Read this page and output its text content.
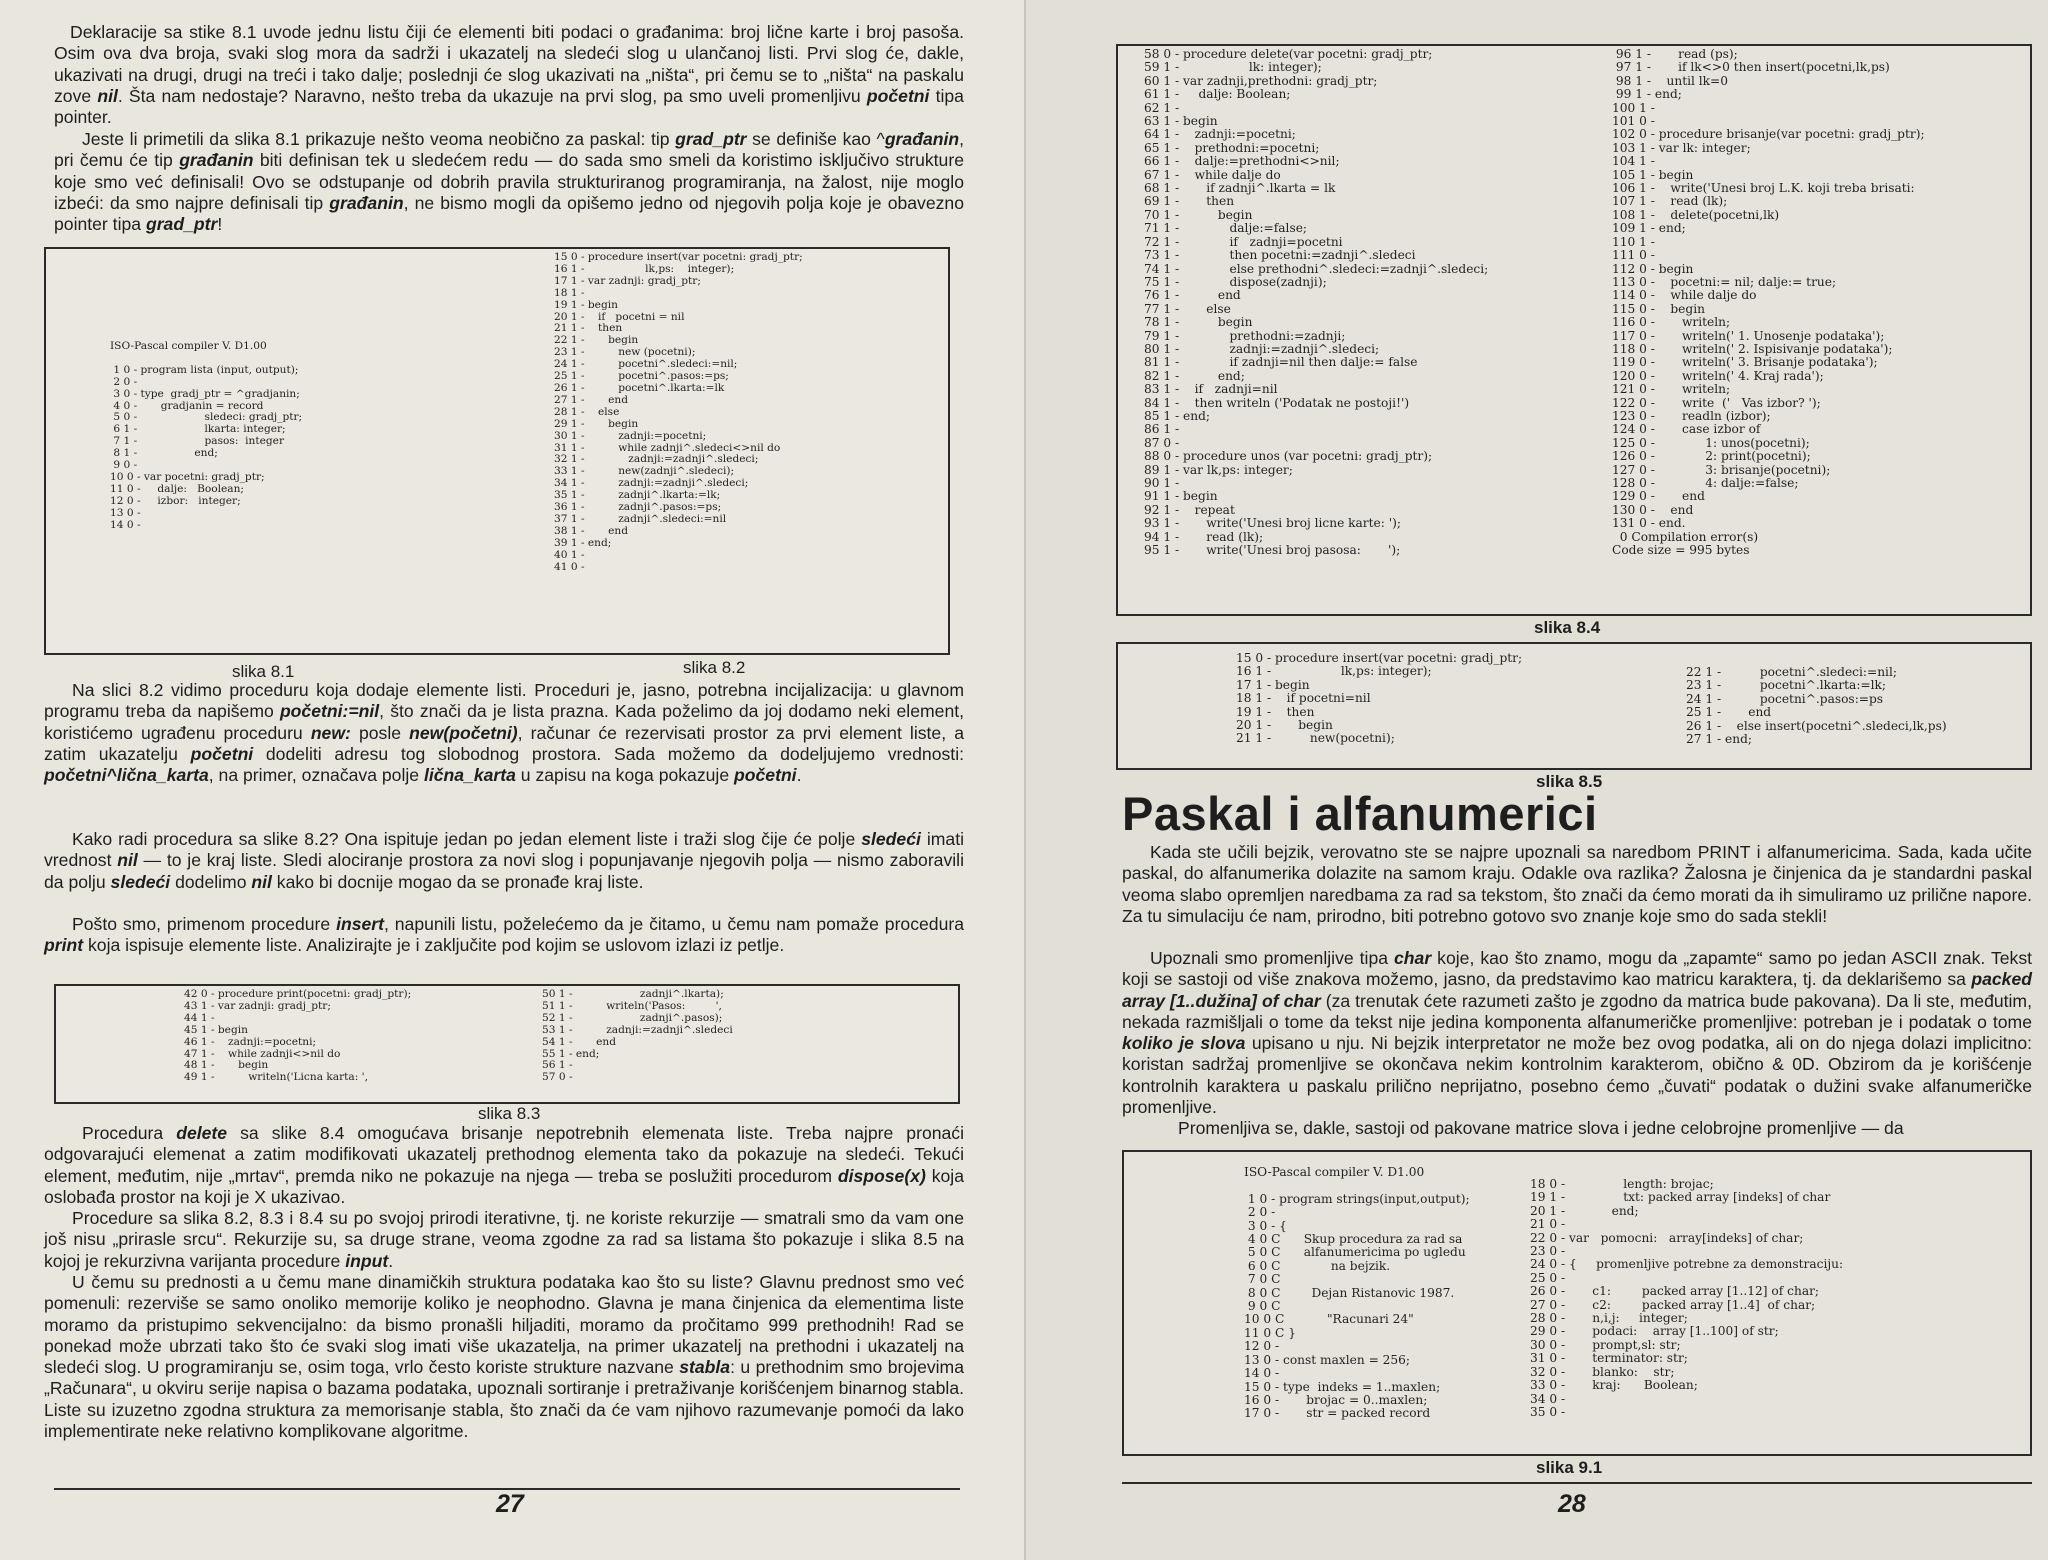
Deklaracije sa stike 8.1 uvode jednu listu čiji će elementi biti podaci o građanima: broj lične karte i broj pasoša. Osim ova dva broja, svaki slog mora da sadrži i ukazatelj na sledeći slog u ulančanoj listi. Prvi slog će, dakle, ukazivati na drugi, drugi na treći i tako dalje; poslednji će slog ukazivati na „ništa“, pri čemu se to „ništa“ na paskalu zove nil. Šta nam nedostaje? Naravno, nešto treba da ukazuje na prvi slog, pa smo uveli promenljivu početni tipa pointer.
Jeste li primetili da slika 8.1 prikazuje nešto veoma neobično za paskal: tip grad_ptr se definiše kao ^građanin, pri čemu će tip građanin biti definisan tek u sledećem redu — do sada smo smeli da koristimo isključivo strukture koje smo već definisali! Ovo se odstupanje od dobrih pravila strukturiranog programiranja, na žalost, nije moglo izbeći: da smo najpre definisali tip građanin, ne bismo mogli da opišemo jedno od njegovih polja koje je obavezno pointer tipa grad_ptr!
ISO-Pascal compiler V. D1.00

1 0 - program lista (input, output);
2 0 -
3 0 - type  gradj_ptr = ^gradjanin;
4 0 -       gradjanin = record
5 0 -                    sledeci: gradj_ptr;
6 1 -                    lkarta: integer;
7 1 -                    pasos:  integer
8 1 -                 end;
9 0 -
10 0 - var pocetni: gradj_ptr;
11 0 -     dalje:   Boolean;
12 0 -     izbor:   integer;
13 0 -
14 0 -
15 0 - procedure insert(var pocetni: gradj_ptr;
16 1 -                  lk,ps:    integer);
17 1 - var zadnji: gradj_ptr;
18 1 -
19 1 - begin
20 1 -    if   pocetni = nil
21 1 -    then
22 1 -       begin
23 1 -          new (pocetni);
24 1 -          pocetni^.sledeci:=nil;
25 1 -          pocetni^.pasos:=ps;
26 1 -          pocetni^.lkarta:=lk
27 1 -       end
28 1 -    else
29 1 -       begin
30 1 -          zadnji:=pocetni;
31 1 -          while zadnji^.sledeci<>nil do
32 1 -             zadnji:=zadnji^.sledeci;
33 1 -          new(zadnji^.sledeci);
34 1 -          zadnji:=zadnji^.sledeci;
35 1 -          zadnji^.lkarta:=lk;
36 1 -          zadnji^.pasos:=ps;
37 1 -          zadnji^.sledeci:=nil
38 1 -       end
39 1 - end;
40 1 -
41 0 -
slika 8.1	slika 8.2
Na slici 8.2 vidimo proceduru koja dodaje elemente listi. Proceduri je, jasno, potrebna incijalizacija: u glavnom programu treba da napišemo početni:=nil, što znači da je lista prazna. Kada poželimo da joj dodamo neki element, koristićemo ugrađenu proceduru new: posle new(početni), računar će rezervisati prostor za prvi element liste, a zatim ukazatelju početni dodeliti adresu tog slobodnog prostora. Sada možemo da dodeljujemo vrednosti: početni^lična_karta, na primer, označava polje lična_karta u zapisu na koga pokazuje početni.
Kako radi procedura sa slike 8.2? Ona ispituje jedan po jedan element liste i traži slog čije će polje sledeći imati vrednost nil — to je kraj liste. Sledi alociranje prostora za novi slog i popunjavanje njegovih polja — nismo zaboravili da polju sledeći dodelimo nil kako bi docnije mogao da se pronađe kraj liste.
Pošto smo, primenom procedure insert, napunili listu, poželećemo da je čitamo, u čemu nam pomaže procedura print koja ispisuje elemente liste. Analizirajte je i zaključite pod kojim se uslovom izlazi iz petlje.
42 0 - procedure print(pocetni: gradj_ptr);
43 1 - var zadnji: gradj_ptr;
44 1 -
45 1 - begin
46 1 -    zadnji:=pocetni;
47 1 -    while zadnji<>nil do
48 1 -       begin
49 1 -          writeln('Licna karta: ',
50 1 -                    zadnji^.lkarta);
51 1 -          writeln('Pasos:         ',
52 1 -                    zadnji^.pasos);
53 1 -          zadnji:=zadnji^.sledeci
54 1 -       end
55 1 - end;
56 1 -
57 0 -
slika 8.3
Procedura delete sa slike 8.4 omogućava brisanje nepotrebnih elemenata liste. Treba najpre pronaći odgovarajući elemenat a zatim modifikovati ukazatelj prethodnog elementa tako da pokazuje na sledeći. Tekući element, međutim, nije „mrtav“, premda niko ne pokazuje na njega — treba se poslužiti procedurom dispose(x) koja oslobađa prostor na koji je X ukazivao.
Procedure sa slika 8.2, 8.3 i 8.4 su po svojoj prirodi iterativne, tj. ne koriste rekurzije — smatrali smo da vam one još nisu „prirasle srcu“. Rekurzije su, sa druge strane, veoma zgodne za rad sa listama što pokazuje i slika 8.5 na kojoj je rekurzivna varijanta procedure input.
U čemu su prednosti a u čemu mane dinamičkih struktura podataka kao što su liste? Glavnu prednost smo već pomenuli: rezerviše se samo onoliko memorije koliko je neophodno. Glavna je mana činjenica da elementima liste moramo da pristupimo sekvencijalno: da bismo pronašli hiljaditi, moramo da pročitamo 999 prethodnih! Rad se ponekad može ubrzati tako što će svaki slog imati više ukazatelja, na primer ukazatelj na prethodni i ukazatelj na sledeći slog. U programiranju se, osim toga, vrlo često koriste strukture nazvane stabla: u prethodnim smo brojevima „Računara“, u okviru serije napisa o bazama podataka, upoznali sortiranje i pretraživanje korišćenjem binarnog stabla. Liste su izuzetno zgodna struktura za memorisanje stabla, što znači da će vam njihovo razumevanje pomoći da lako implementirate neke relativno komplikovane algoritme.
27
58 0 - procedure delete(var pocetni: gradj_ptr;
59 1 -                  lk: integer);
60 1 - var zadnji,prethodni: gradj_ptr;
61 1 -     dalje: Boolean;
62 1 -
63 1 - begin
64 1 -    zadnji:=pocetni;
65 1 -    prethodni:=pocetni;
66 1 -    dalje:=prethodni<>nil;
67 1 -    while dalje do
68 1 -       if zadnji^.lkarta = lk
69 1 -       then
70 1 -          begin
71 1 -             dalje:=false;
72 1 -             if   zadnji=pocetni
73 1 -             then pocetni:=zadnji^.sledeci
74 1 -             else prethodni^.sledeci:=zadnji^.sledeci;
75 1 -             dispose(zadnji);
76 1 -          end
77 1 -       else
78 1 -          begin
79 1 -             prethodni:=zadnji;
80 1 -             zadnji:=zadnji^.sledeci;
81 1 -             if zadnji=nil then dalje:= false
82 1 -          end;
83 1 -    if   zadnji=nil
84 1 -    then writeln ('Podatak ne postoji!')
85 1 - end;
86 1 -
87 0 -
88 0 - procedure unos (var pocetni: gradj_ptr);
89 1 - var lk,ps: integer;
90 1 -
91 1 - begin
92 1 -    repeat
93 1 -       write('Unesi broj licne karte: ');
94 1 -       read (lk);
95 1 -       write('Unesi broj pasosa:       ');
96 1 -       read (ps);
97 1 -       if lk<>0 then insert(pocetni,lk,ps)
98 1 -    until lk=0
99 1 - end;
100 1 -
101 0 -
102 0 - procedure brisanje(var pocetni: gradj_ptr);
103 1 - var lk: integer;
104 1 -
105 1 - begin
106 1 -    write('Unesi broj L.K. koji treba brisati:
107 1 -    read (lk);
108 1 -    delete(pocetni,lk)
109 1 - end;
110 1 -
111 0 -
112 0 - begin
113 0 -    pocetni:= nil; dalje:= true;
114 0 -    while dalje do
115 0 -    begin
116 0 -       writeln;
117 0 -       writeln(' 1. Unosenje podataka');
118 0 -       writeln(' 2. Ispisivanje podataka');
119 0 -       writeln(' 3. Brisanje podataka');
120 0 -       writeln(' 4. Kraj rada');
121 0 -       writeln;
122 0 -       write  ('   Vas izbor? ');
123 0 -       readln (izbor);
124 0 -       case izbor of
125 0 -             1: unos(pocetni);
126 0 -             2: print(pocetni);
127 0 -             3: brisanje(pocetni);
128 0 -             4: dalje:=false;
129 0 -       end
130 0 -    end
131 0 - end.
0 Compilation error(s)
Code size = 995 bytes
slika 8.4
15 0 - procedure insert(var pocetni: gradj_ptr;
16 1 -                  lk,ps: integer);
17 1 - begin
18 1 -    if pocetni=nil
19 1 -    then
20 1 -       begin
21 1 -          new(pocetni);
22 1 -          pocetni^.sledeci:=nil;
23 1 -          pocetni^.lkarta:=lk;
24 1 -          pocetni^.pasos:=ps
25 1 -       end
26 1 -    else insert(pocetni^.sledeci,lk,ps)
27 1 - end;
slika 8.5
Paskal i alfanumerici
Kada ste učili bejzik, verovatno ste se najpre upoznali sa naredbom PRINT i alfanumericima. Sada, kada učite paskal, do alfanumerika dolazite na samom kraju. Odakle ova razlika? Žalosna je činjenica da je standardni paskal veoma slabo opremljen naredbama za rad sa tekstom, što znači da ćemo morati da ih simuliramo uz prilične napore. Za tu simulaciju će nam, prirodno, biti potrebno gotovo svo znanje koje smo do sada stekli!
Upoznali smo promenljive tipa char koje, kao što znamo, mogu da „zapamte“ samo po jedan ASCII znak. Tekst koji se sastoji od više znakova možemo, jasno, da predstavimo kao matricu karaktera, tj. da deklarišemo sa packed array [1..dužina] of char (za trenutak ćete razumeti zašto je zgodno da matrica bude pakovana). Da li ste, međutim, nekada razmišljali o tome da tekst nije jedina komponenta alfanumeričke promenljive: potreban je i podatak o tome koliko je slova upisano u nju. Ni bejzik interpretator ne može bez ovog podatka, ali on do njega dolazi implicitno: koristan sadržaj promenljive se okončava nekim kontrolnim karakterom, obično & 0D. Obzirom da je korišćenje kontrolnih karaktera u paskalu prilično neprijatno, posebno ćemo „čuvati“ podatak o dužini svake alfanumeričke promenljive.
Promenljiva se, dakle, sastoji od pakovane matrice slova i jedne celobrojne promenljive — da
ISO-Pascal compiler V. D1.00

1 0 - program strings(input,output);
2 0 -
3 0 - {
4 0 C      Skup procedura za rad sa
5 0 C      alfanumericima po ugledu
6 0 C             na bejzik.
7 0 C
8 0 C        Dejan Ristanovic 1987.
9 0 C
10 0 C           "Racunari 24"
11 0 C }
12 0 -
13 0 - const maxlen = 256;
14 0 -
15 0 - type  indeks = 1..maxlen;
16 0 -       brojac = 0..maxlen;
17 0 -       str = packed record
18 0 -               length: brojac;
19 1 -               txt: packed array [indeks] of char
20 1 -            end;
21 0 -
22 0 - var   pomocni:   array[indeks] of char;
23 0 -
24 0 - {     promenljive potrebne za demonstraciju:
25 0 -
26 0 -       c1:        packed array [1..12] of char;
27 0 -       c2:        packed array [1..4]  of char;
28 0 -       n,i,j:     integer;
29 0 -       podaci:    array [1..100] of str;
30 0 -       prompt,sl: str;
31 0 -       terminator: str;
32 0 -       blanko:    str;
33 0 -       kraj:      Boolean;
34 0 -
35 0 -
slika 9.1
28
